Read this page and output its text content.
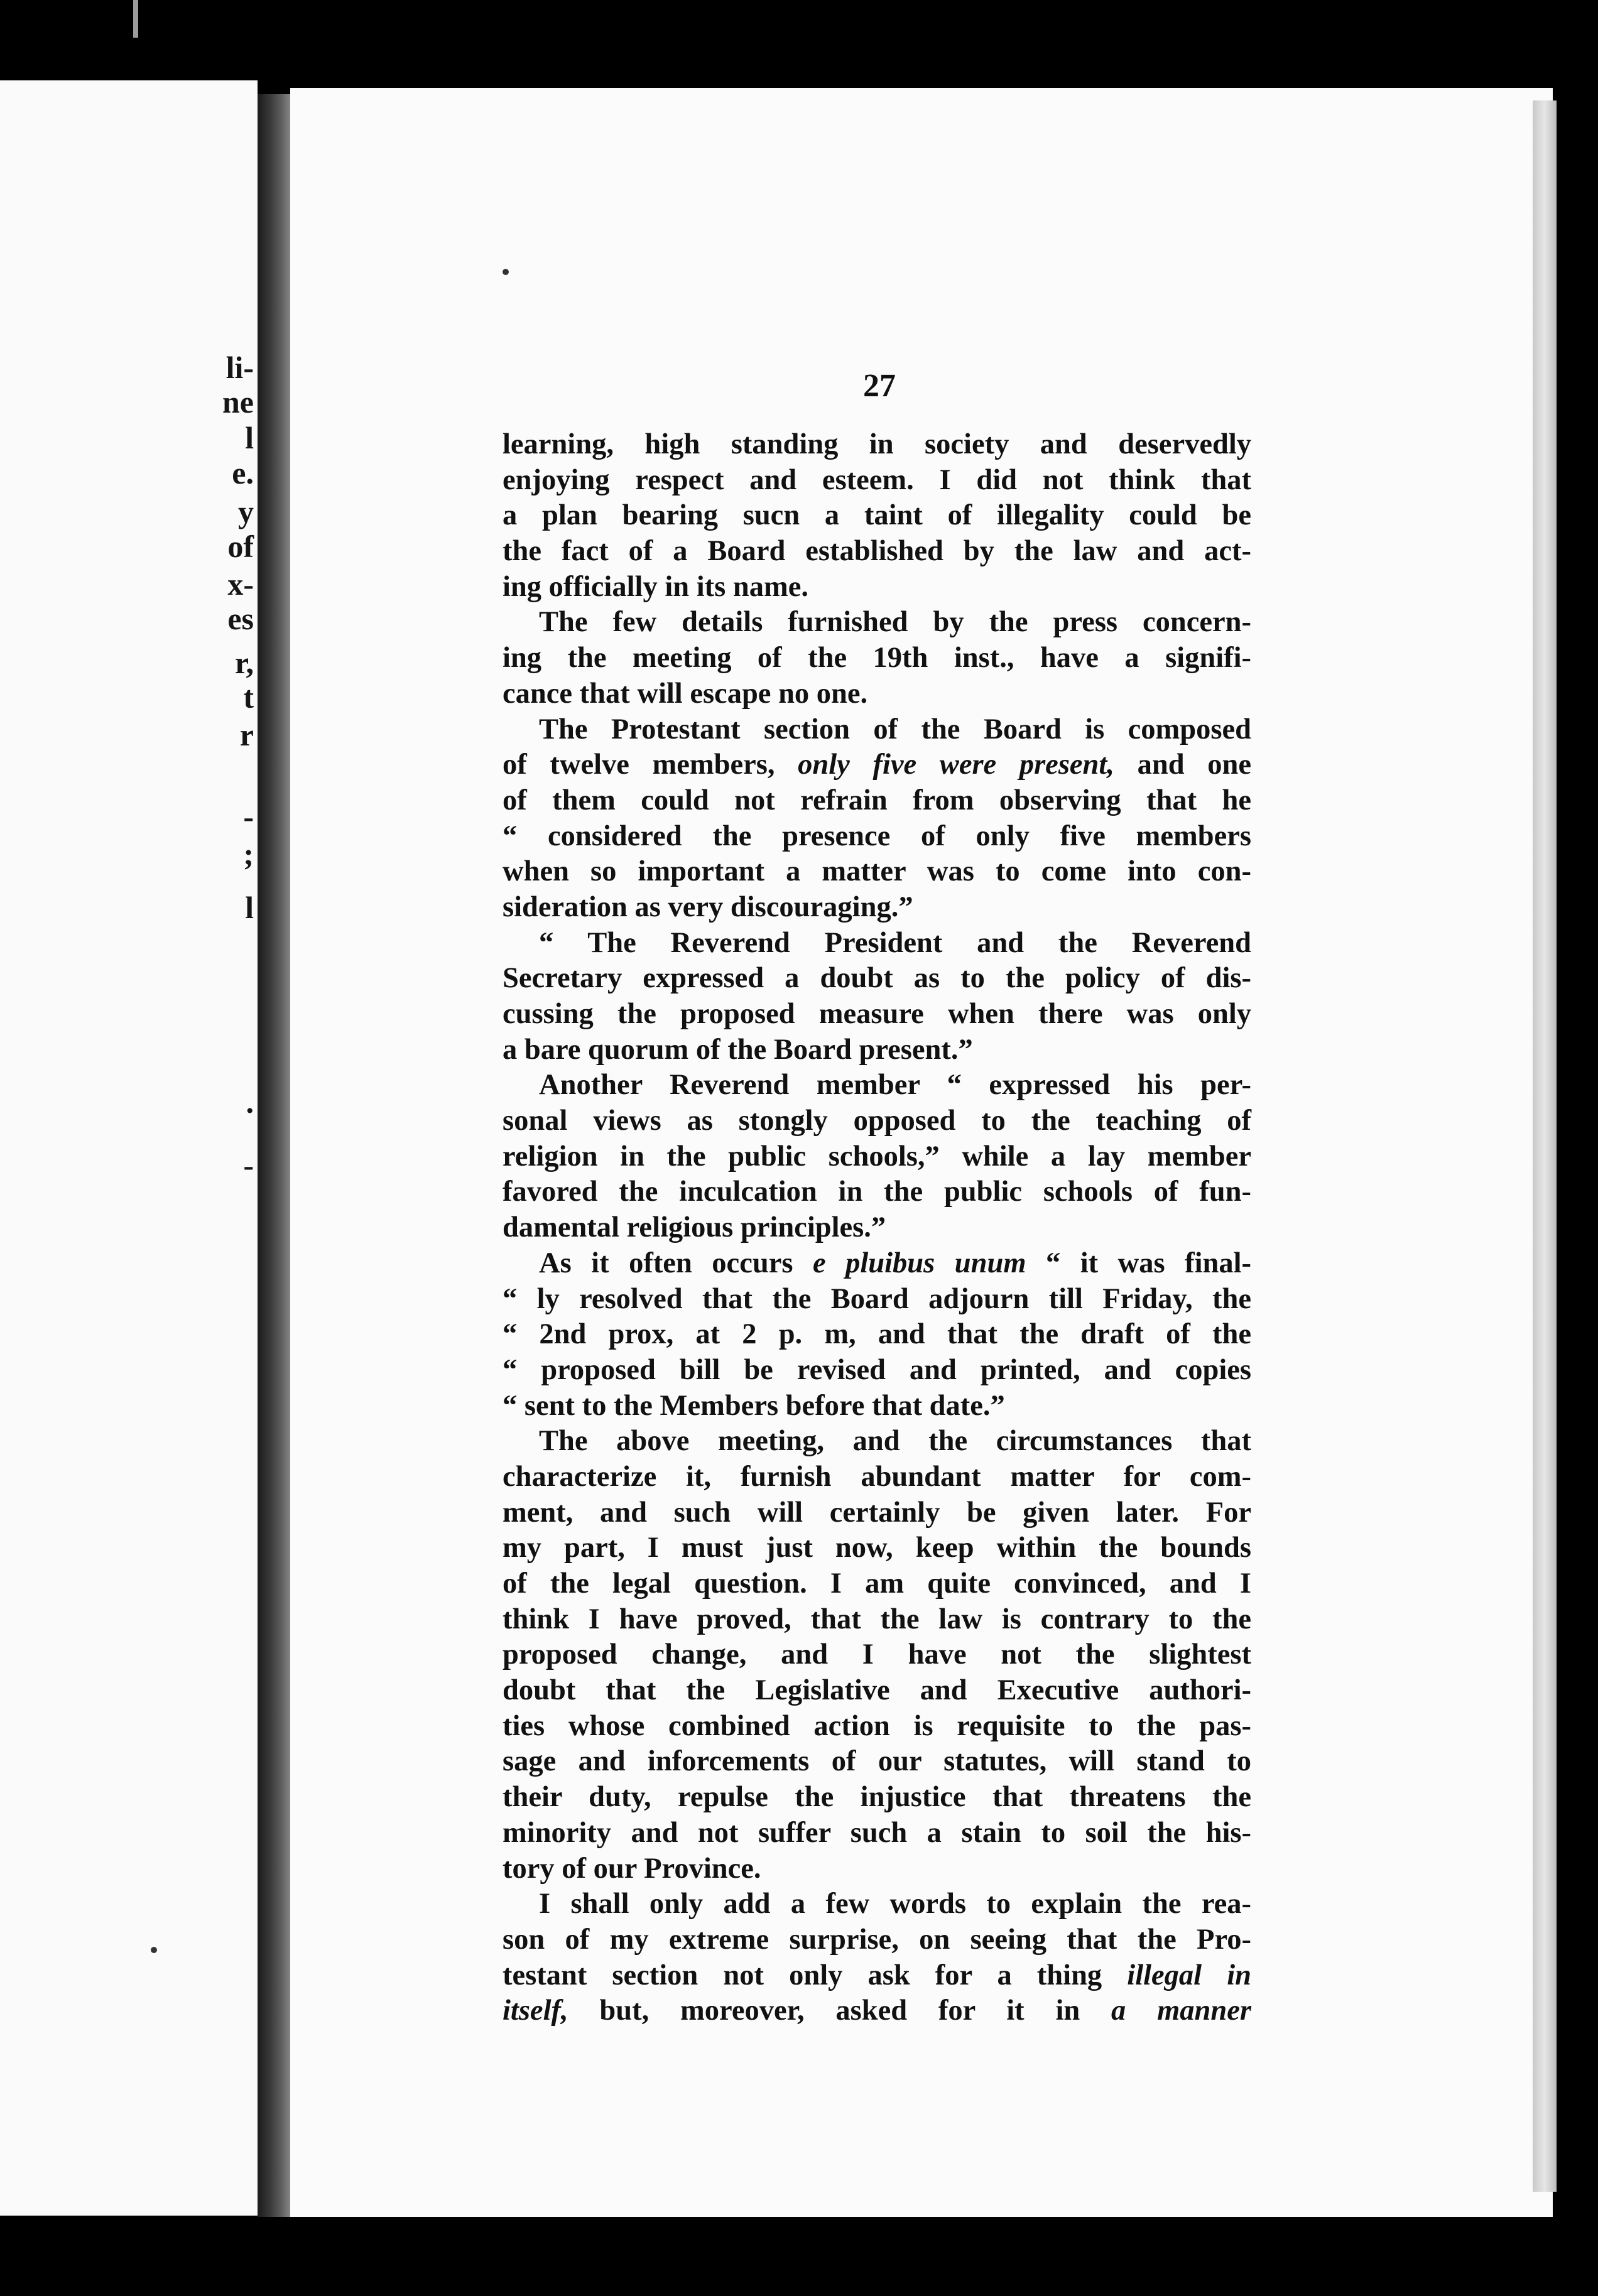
li-
ne
l
e.
y
of
x-
es
r,
t
r
-
;
l
.
-
27
learning, high standing in society and deservedly
enjoying respect and esteem. I did not think that
a plan bearing sucn a taint of illegality could be
the fact of a Board established by the law and act-
ing officially in its name.
The few details furnished by the press concern-
ing the meeting of the 19th inst., have a signifi-
cance that will escape no one.
The Protestant section of the Board is composed
of twelve members, only five were present, and one
of them could not refrain from observing that he
“ considered the presence of only five members
when so important a matter was to come into con-
sideration as very discouraging.”
“ The Reverend President and the Reverend
Secretary expressed a doubt as to the policy of dis-
cussing the proposed measure when there was only
a bare quorum of the Board present.”
Another Reverend member “ expressed his per-
sonal views as stongly opposed to the teaching of
religion in the public schools,” while a lay member
favored the inculcation in the public schools of fun-
damental religious principles.”
As it often occurs e pluibus unum “ it was final-
“ ly resolved that the Board adjourn till Friday, the
“ 2nd prox, at 2 p. m, and that the draft of the
“ proposed bill be revised and printed, and copies
“ sent to the Members before that date.”
The above meeting, and the circumstances that
characterize it, furnish abundant matter for com-
ment, and such will certainly be given later. For
my part, I must just now, keep within the bounds
of the legal question. I am quite convinced, and I
think I have proved, that the law is contrary to the
proposed change, and I have not the slightest
doubt that the Legislative and Executive authori-
ties whose combined action is requisite to the pas-
sage and inforcements of our statutes, will stand to
their duty, repulse the injustice that threatens the
minority and not suffer such a stain to soil the his-
tory of our Province.
I shall only add a few words to explain the rea-
son of my extreme surprise, on seeing that the Pro-
testant section not only ask for a thing illegal in
itself, but, moreover, asked for it in a manner
